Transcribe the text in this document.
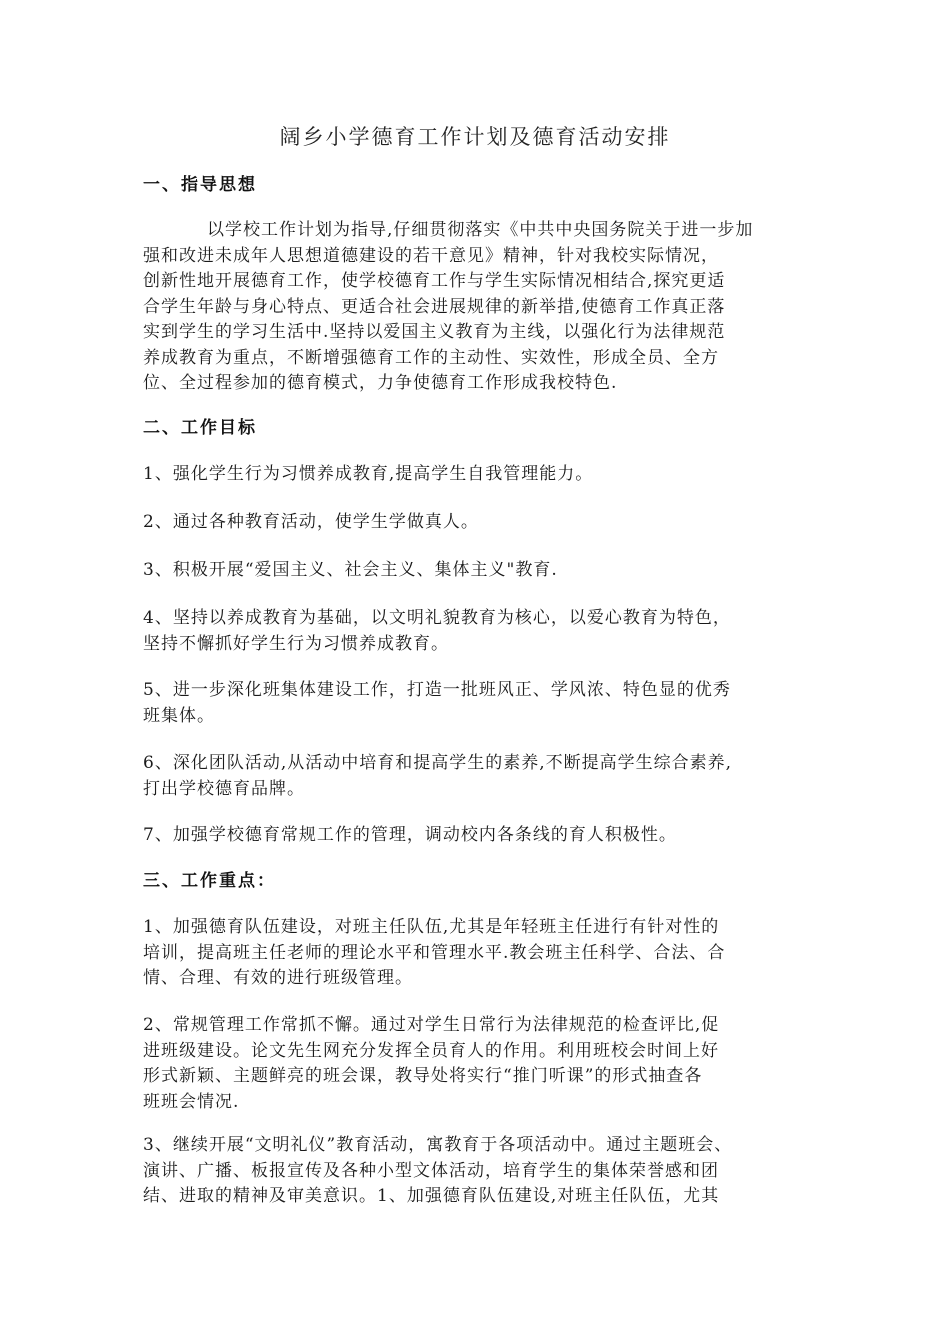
阔乡小学德育工作计划及德育活动安排
一、指导思想
以学校工作计划为指导,仔细贯彻落实《中共中央国务院关于进一步加
强和改进未成年人思想道德建设的若干意见》精神，针对我校实际情况，
创新性地开展德育工作，使学校德育工作与学生实际情况相结合,探究更适
合学生年龄与身心特点、更适合社会进展规律的新举措,使德育工作真正落
实到学生的学习生活中.坚持以爱国主义教育为主线，以强化行为法律规范
养成教育为重点，不断增强德育工作的主动性、实效性，形成全员、全方
位、全过程参加的德育模式，力争使德育工作形成我校特色.
二、工作目标
1、强化学生行为习惯养成教育,提高学生自我管理能力。
2、通过各种教育活动，使学生学做真人。
3、积极开展“爱国主义、社会主义、集体主义"教育.
4、坚持以养成教育为基础，以文明礼貌教育为核心，以爱心教育为特色，
坚持不懈抓好学生行为习惯养成教育。
5、进一步深化班集体建设工作，打造一批班风正、学风浓、特色显的优秀
班集体。
6、深化团队活动,从活动中培育和提高学生的素养,不断提高学生综合素养,
打出学校德育品牌。
7、加强学校德育常规工作的管理，调动校内各条线的育人积极性。
三、工作重点：
1、加强德育队伍建设，对班主任队伍,尤其是年轻班主任进行有针对性的
培训，提高班主任老师的理论水平和管理水平.教会班主任科学、合法、合
情、合理、有效的进行班级管理。
2、常规管理工作常抓不懈。通过对学生日常行为法律规范的检查评比,促
进班级建设。论文先生网充分发挥全员育人的作用。利用班校会时间上好
形式新颖、主题鲜亮的班会课，教导处将实行“推门听课”的形式抽查各
班班会情况.
3、继续开展“文明礼仪”教育活动，寓教育于各项活动中。通过主题班会、
演讲、广播、板报宣传及各种小型文体活动，培育学生的集体荣誉感和团
结、进取的精神及审美意识。1、加强德育队伍建设,对班主任队伍，尤其
